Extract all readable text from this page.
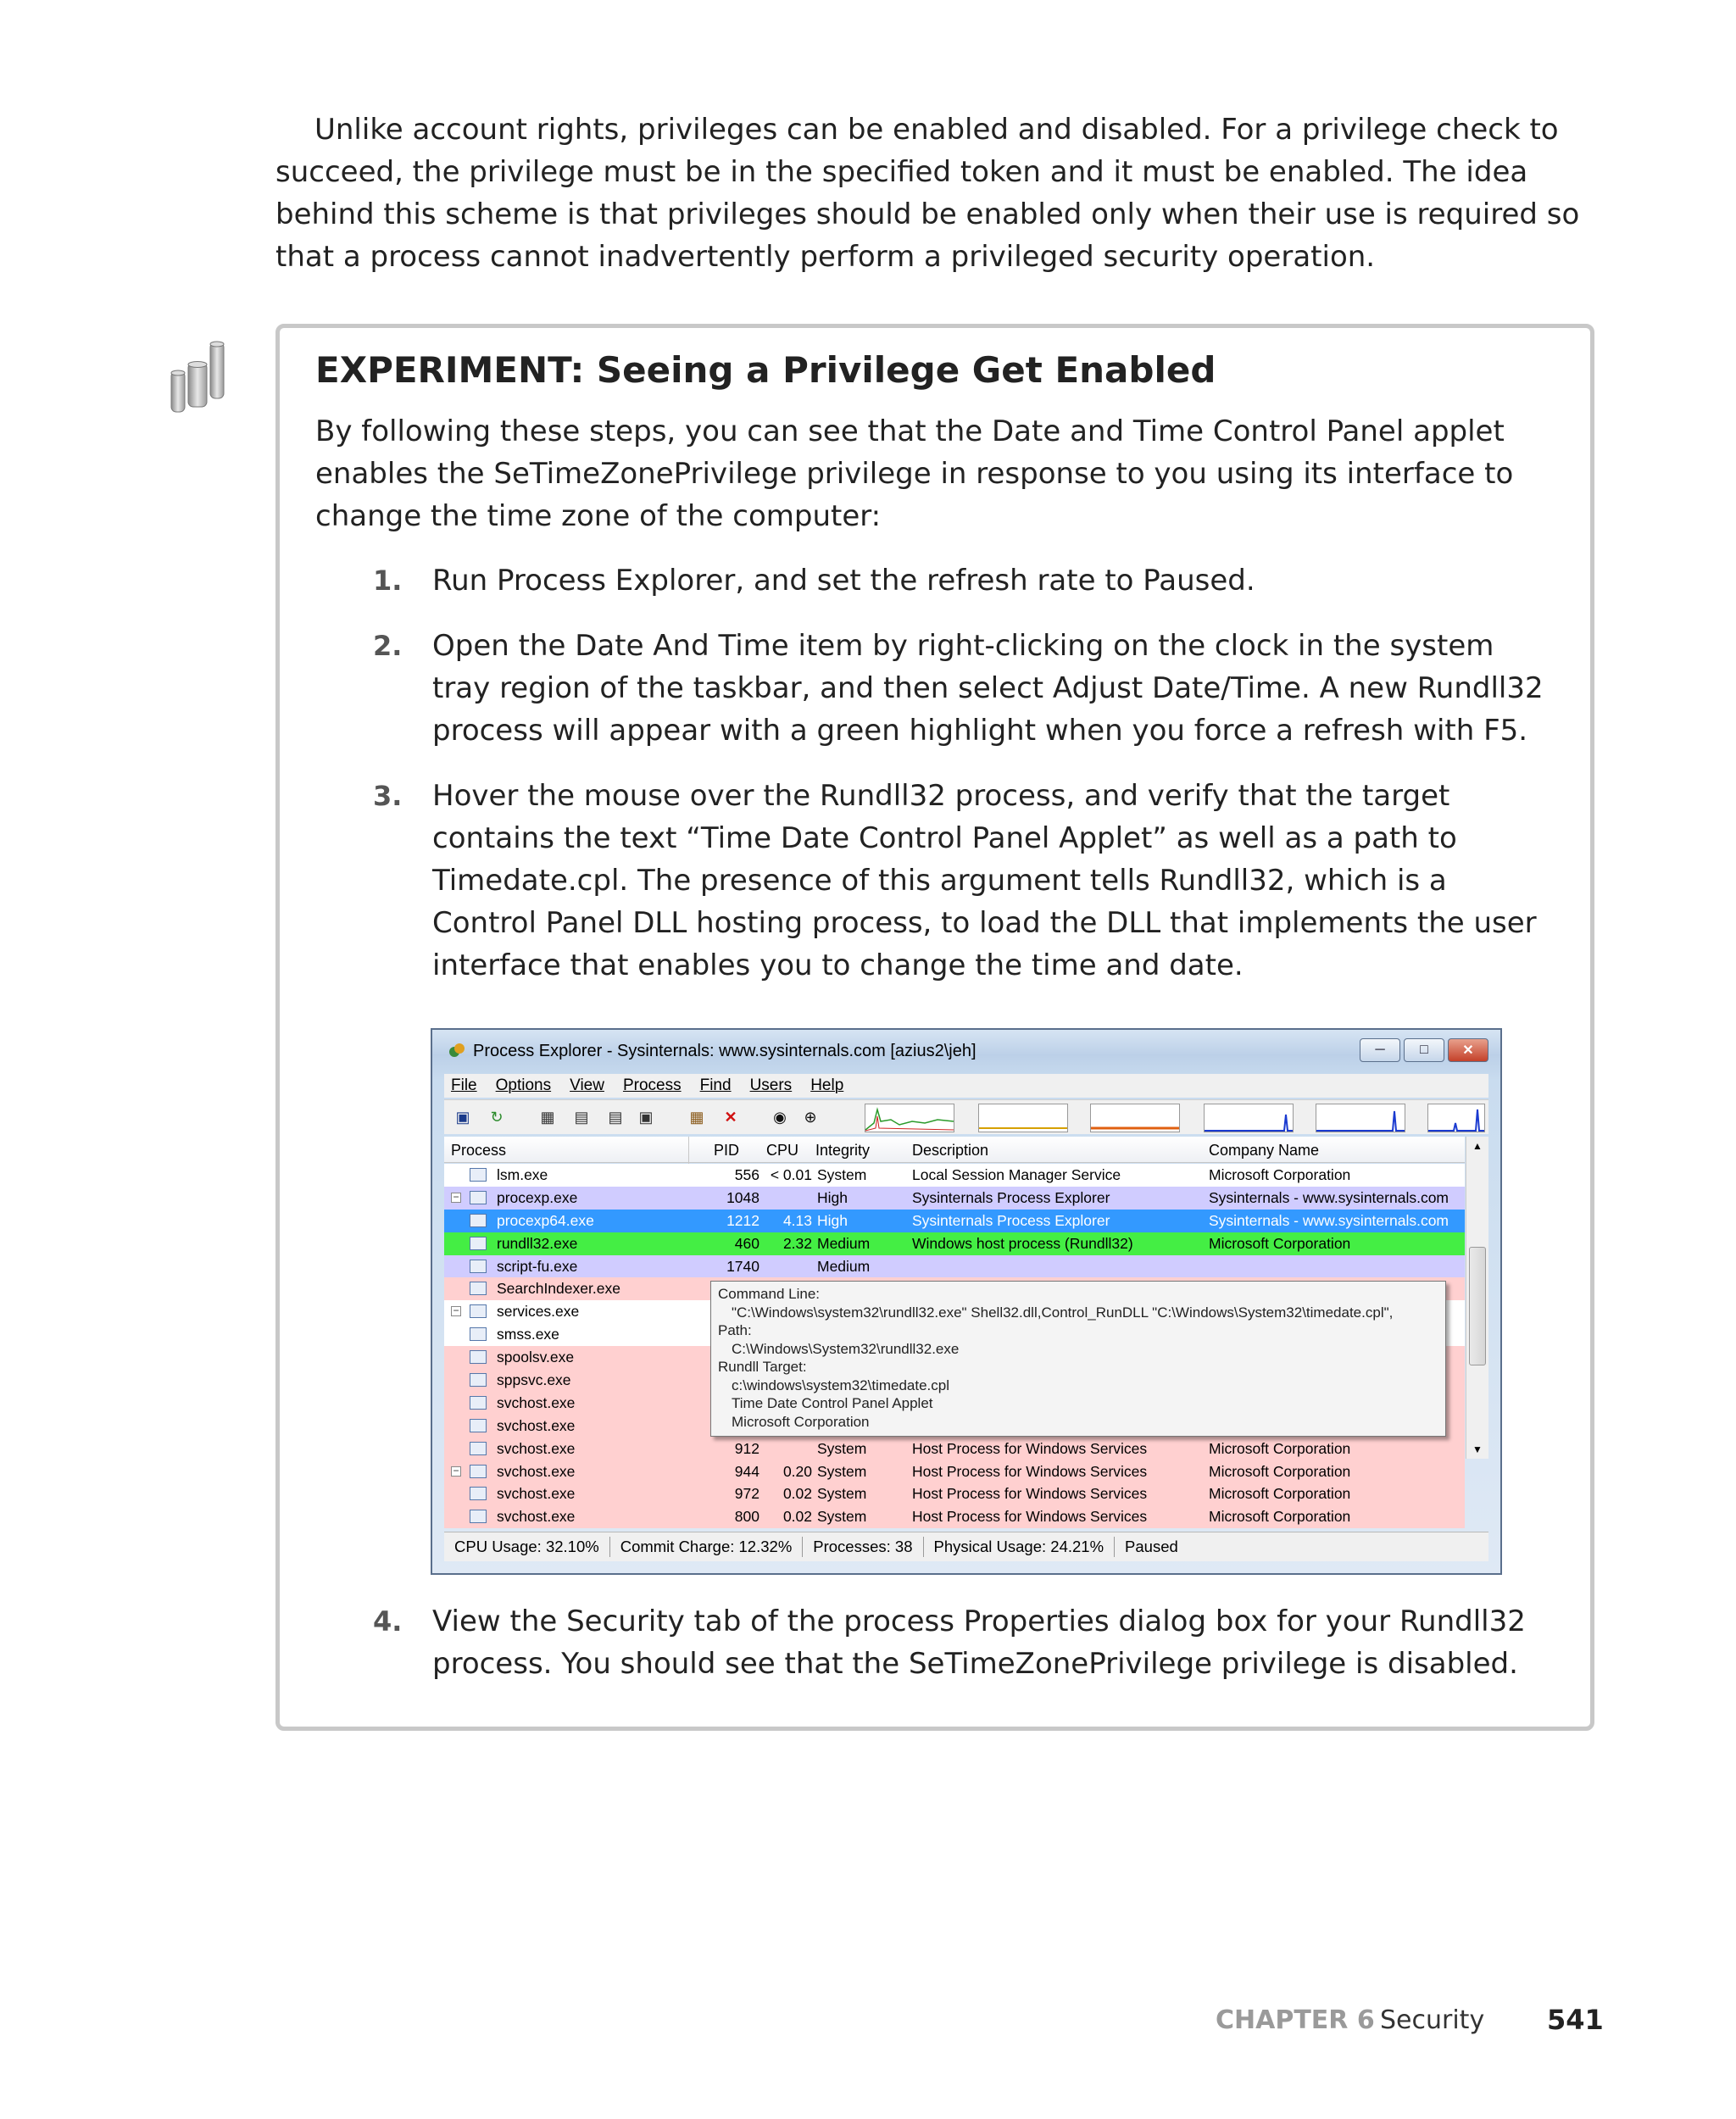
Unlike account rights, privileges can be enabled and disabled. For a privilege check to succeed, the privilege must be in the specified token and it must be enabled. The idea behind this scheme is that privileges should be enabled only when their use is required so that a process cannot inadvertently perform a privileged security operation.

EXPERIMENT: Seeing a Privilege Get Enabled

By following these steps, you can see that the Date and Time Control Panel applet enables the SeTimeZonePrivilege privilege in response to you using its interface to change the time zone of the computer:

1.	Run Process Explorer, and set the refresh rate to Paused.

2.	Open the Date And Time item by right-clicking on the clock in the system tray region of the taskbar, and then select Adjust Date/Time. A new Rundll32 process will appear with a green highlight when you force a refresh with F5.

3.	Hover the mouse over the Rundll32 process, and verify that the target contains the text “Time Date Control Panel Applet” as well as a path to Timedate.cpl. The presence of this argument tells Rundll32, which is a Control Panel DLL hosting process, to load the DLL that implements the user interface that enables you to change the time and date.

Process Explorer - Sysinternals: www.sysinternals.com [azius2\jeh]	─	□	✕
File Options View Process Find Users Help
▣ ↻ ▦ ▤ ▤ ▣ ▦ ✕ ◉ ⊕
Process	PID CPU Integrity	Description	Company Name
lsm.exe	556 < 0.01 System	Local Session Manager Service	Microsoft Corporation
−	procexp.exe	1048	High	Sysinternals Process Explorer	Sysinternals - www.sysinternals.com
procexp64.exe	1212	4.13 High	Sysinternals Process Explorer	Sysinternals - www.sysinternals.com
rundll32.exe	460	2.32 Medium	Windows host process (Rundll32)	Microsoft Corporation
script-fu.exe	1740	Medium
SearchIndexer.exe
−	services.exe
smss.exe
spoolsv.exe
sppsvc.exe
svchost.exe
svchost.exe
svchost.exe	912	System	Host Process for Windows Services	Microsoft Corporation
−	svchost.exe	944	0.20 System	Host Process for Windows Services	Microsoft Corporation
svchost.exe	972	0.02 System	Host Process for Windows Services	Microsoft Corporation
svchost.exe	800	0.02 System	Host Process for Windows Services	Microsoft Corporation
▲
▼
Command Line:
"C:\Windows\system32\rundll32.exe" Shell32.dll,Control_RunDLL "C:\Windows\System32\timedate.cpl",
Path:
C:\Windows\System32\rundll32.exe
Rundll Target:
c:\windows\system32\timedate.cpl
Time Date Control Panel Applet
Microsoft Corporation
CPU Usage: 32.10%	Commit Charge: 12.32%	Processes: 38	Physical Usage: 24.21%	Paused
4.	View the Security tab of the process Properties dialog box for your Rundll32 process. You should see that the SeTimeZonePrivilege privilege is disabled.

CHAPTER 6 Security 541
